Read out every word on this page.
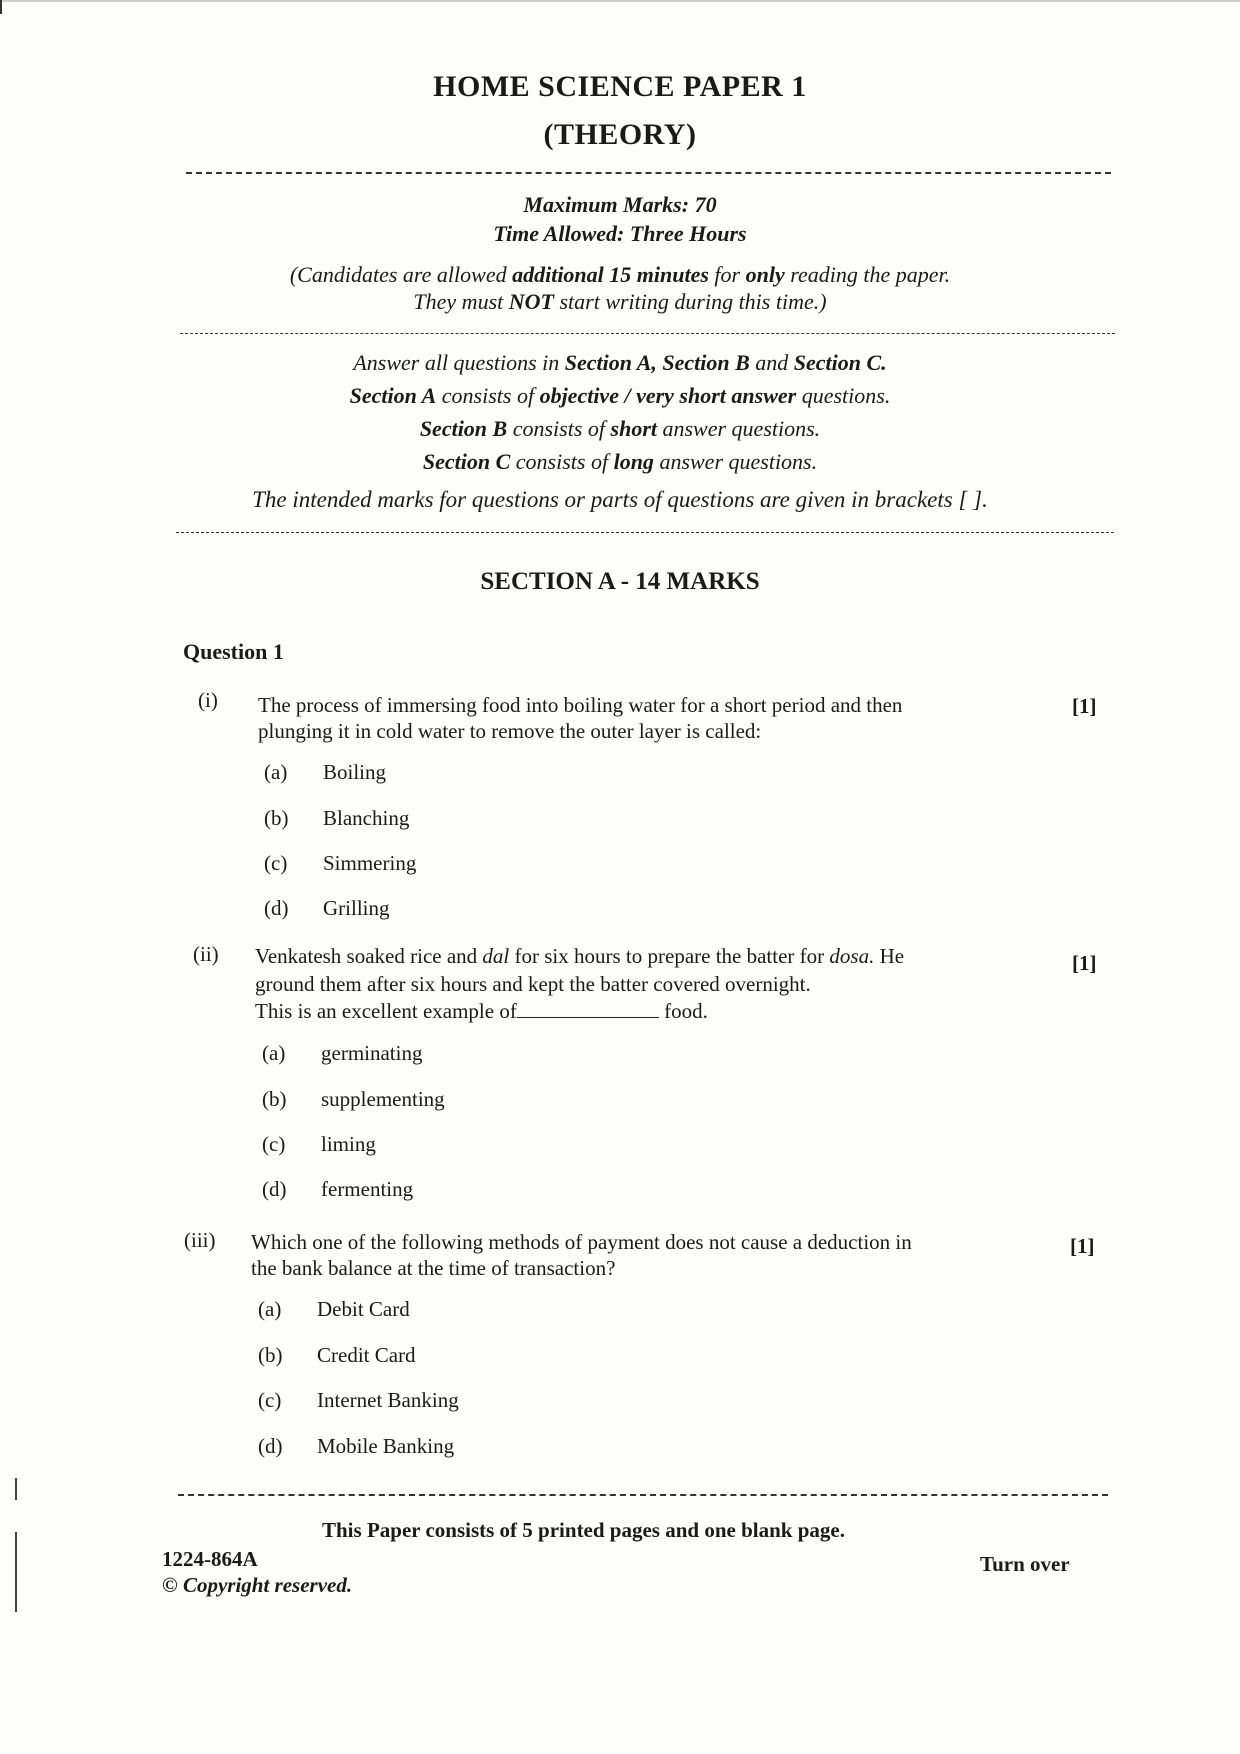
HOME SCIENCE PAPER 1
(THEORY)
Maximum Marks: 70
Time Allowed: Three Hours
(Candidates are allowed additional 15 minutes for only reading the paper.
They must NOT start writing during this time.)
Answer all questions in Section A, Section B and Section C.
Section A consists of objective / very short answer questions.
Section B consists of short answer questions.
Section C consists of long answer questions.
The intended marks for questions or parts of questions are given in brackets [ ].
SECTION A - 14 MARKS
Question 1
(i) The process of immersing food into boiling water for a short period and then
plunging it in cold water to remove the outer layer is called:
[1]
(a) Boiling
(b) Blanching
(c) Simmering
(d) Grilling
(ii) Venkatesh soaked rice and dal for six hours to prepare the batter for dosa. He
ground them after six hours and kept the batter covered overnight.
This is an excellent example of	food.
[1]
(a) germinating
(b) supplementing
(c) liming
(d) fermenting
(iii) Which one of the following methods of payment does not cause a deduction in
the bank balance at the time of transaction?
[1]
(a) Debit Card
(b) Credit Card
(c) Internet Banking
(d) Mobile Banking
This Paper consists of 5 printed pages and one blank page.
1224-864A
© Copyright reserved.
Turn over
